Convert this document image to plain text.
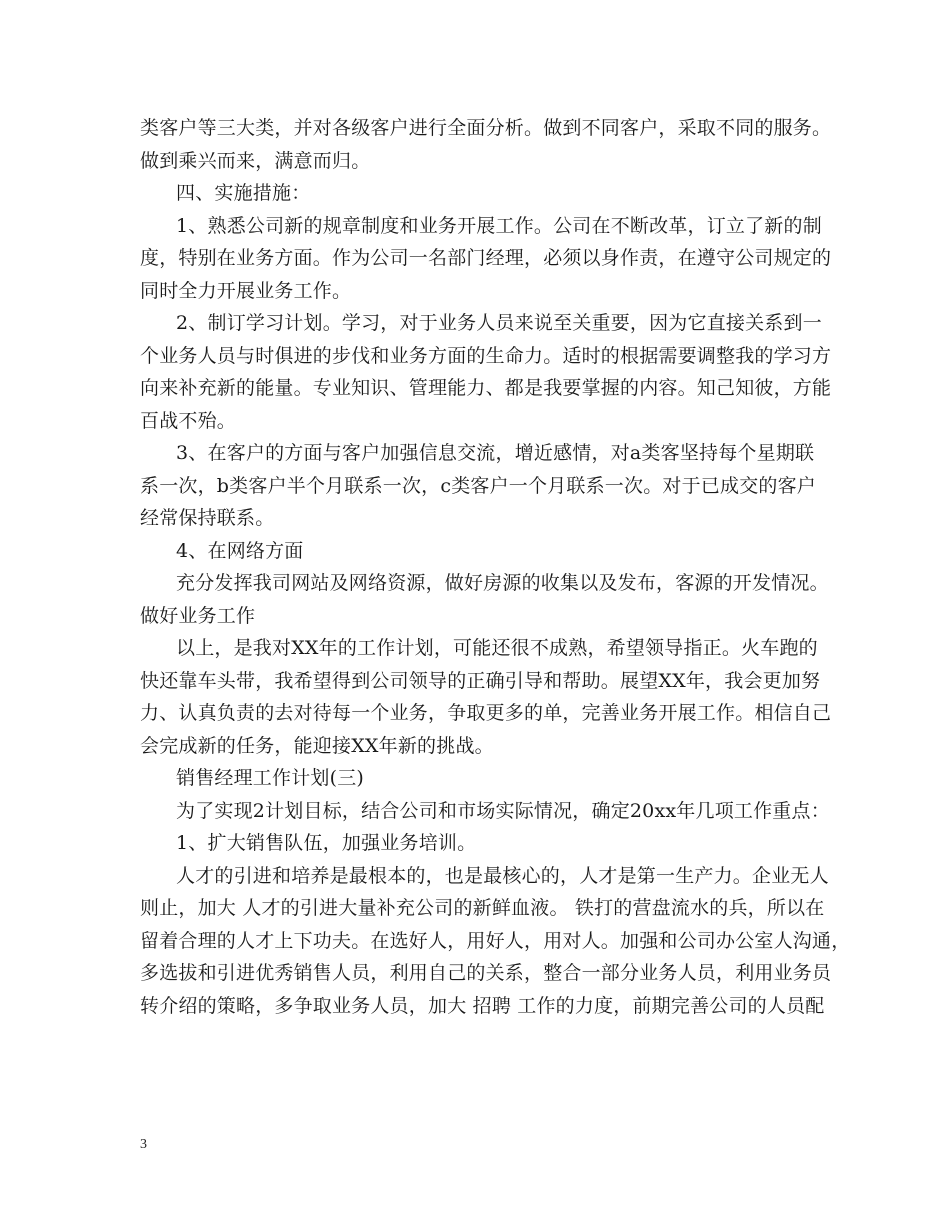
类客户等三大类，并对各级客户进行全面分析。做到不同客户，采取不同的服务。
做到乘兴而来，满意而归。
四、实施措施：
1、熟悉公司新的规章制度和业务开展工作。公司在不断改革，订立了新的制
度，特别在业务方面。作为公司一名部门经理，必须以身作责，在遵守公司规定的
同时全力开展业务工作。
2、制订学习计划。学习，对于业务人员来说至关重要，因为它直接关系到一
个业务人员与时俱进的步伐和业务方面的生命力。适时的根据需要调整我的学习方
向来补充新的能量。专业知识、管理能力、都是我要掌握的内容。知己知彼，方能
百战不殆。
3、在客户的方面与客户加强信息交流，增近感情，对a类客坚持每个星期联
系一次，b类客户半个月联系一次，c类客户一个月联系一次。对于已成交的客户
经常保持联系。
4、在网络方面
充分发挥我司网站及网络资源，做好房源的收集以及发布，客源的开发情况。
做好业务工作
以上，是我对XX年的工作计划，可能还很不成熟，希望领导指正。火车跑的
快还靠车头带，我希望得到公司领导的正确引导和帮助。展望XX年，我会更加努
力、认真负责的去对待每一个业务，争取更多的单，完善业务开展工作。相信自己
会完成新的任务，能迎接XX年新的挑战。
销售经理工作计划(三)
为了实现2计划目标，结合公司和市场实际情况，确定20xx年几项工作重点：
1、扩大销售队伍，加强业务培训。
人才的引进和培养是最根本的，也是最核心的，人才是第一生产力。企业无人
则止，加大 人才的引进大量补充公司的新鲜血液。 铁打的营盘流水的兵，所以在
留着合理的人才上下功夫。在选好人，用好人，用对人。加强和公司办公室人沟通，
多选拔和引进优秀销售人员，利用自己的关系，整合一部分业务人员，利用业务员
转介绍的策略，多争取业务人员，加大 招聘 工作的力度，前期完善公司的人员配
3
